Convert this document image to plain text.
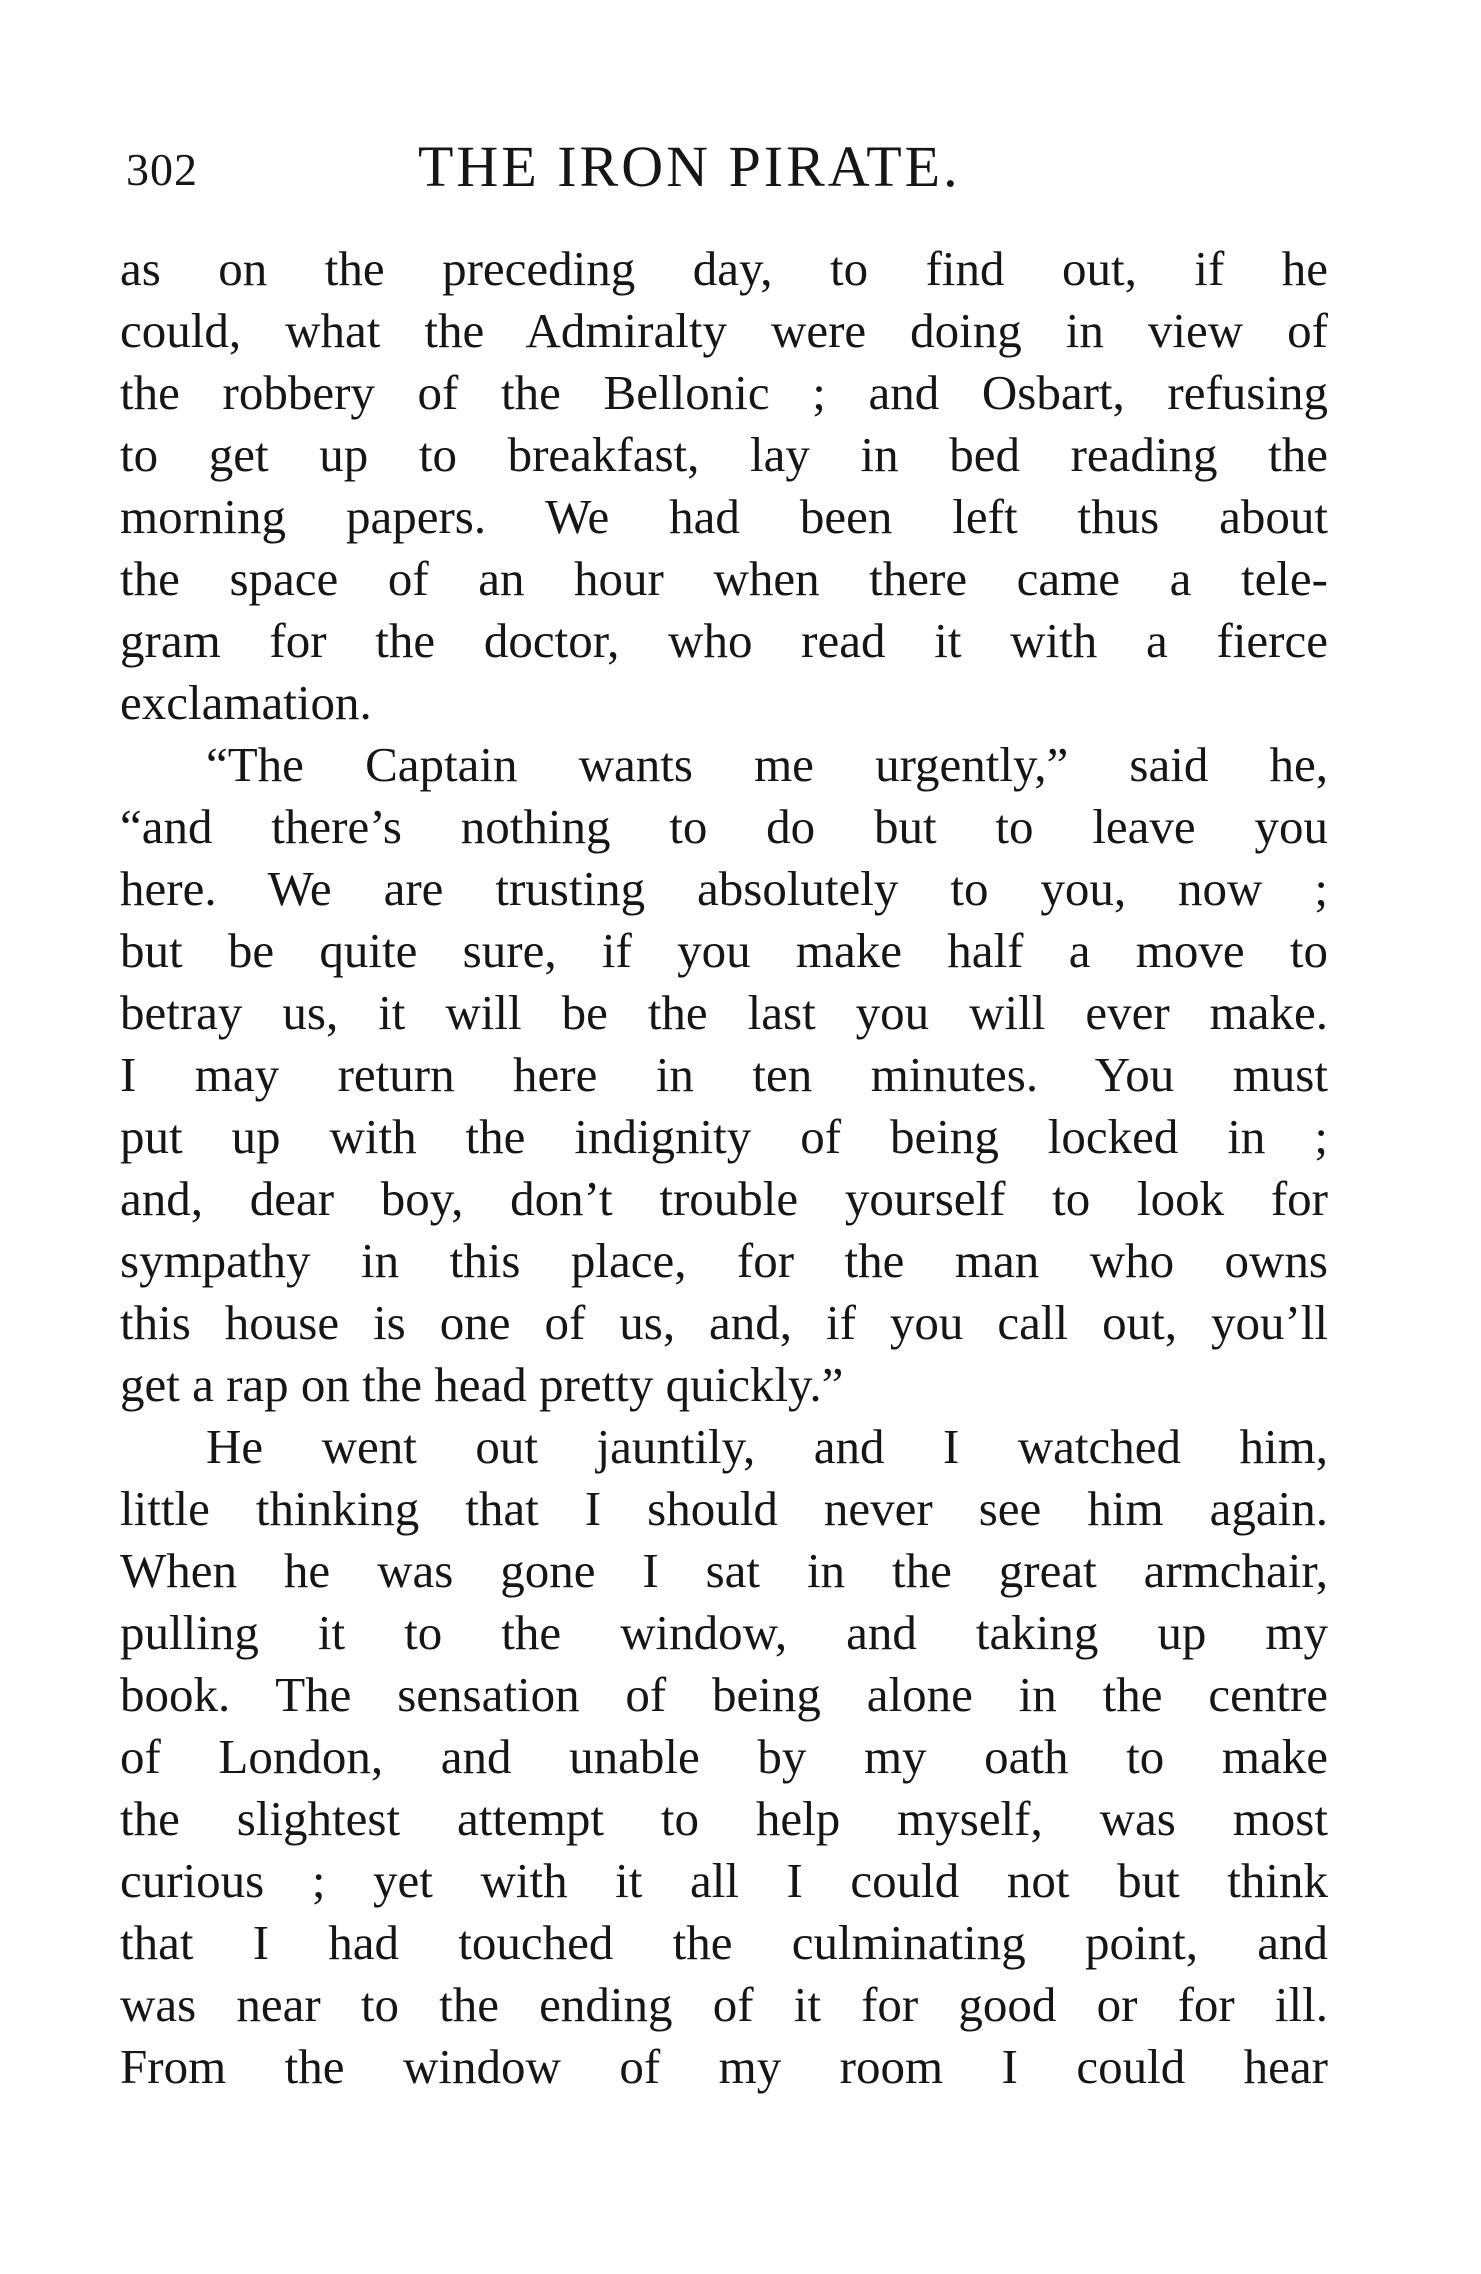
302	THE IRON PIRATE.
as on the preceding day, to find out, if he
could, what the Admiralty were doing in view of
the robbery of the Bellonic ; and Osbart, refusing
to get up to breakfast, lay in bed reading the
morning papers. We had been left thus about
the space of an hour when there came a tele-
gram for the doctor, who read it with a fierce
exclamation.
“The Captain wants me urgently,” said he,
“and there’s nothing to do but to leave you
here. We are trusting absolutely to you, now ;
but be quite sure, if you make half a move to
betray us, it will be the last you will ever make.
I may return here in ten minutes. You must
put up with the indignity of being locked in ;
and, dear boy, don’t trouble yourself to look for
sympathy in this place, for the man who owns
this house is one of us, and, if you call out, you’ll
get a rap on the head pretty quickly.”
He went out jauntily, and I watched him,
little thinking that I should never see him again.
When he was gone I sat in the great armchair,
pulling it to the window, and taking up my
book. The sensation of being alone in the centre
of London, and unable by my oath to make
the slightest attempt to help myself, was most
curious ; yet with it all I could not but think
that I had touched the culminating point, and
was near to the ending of it for good or for ill.
From the window of my room I could hear
